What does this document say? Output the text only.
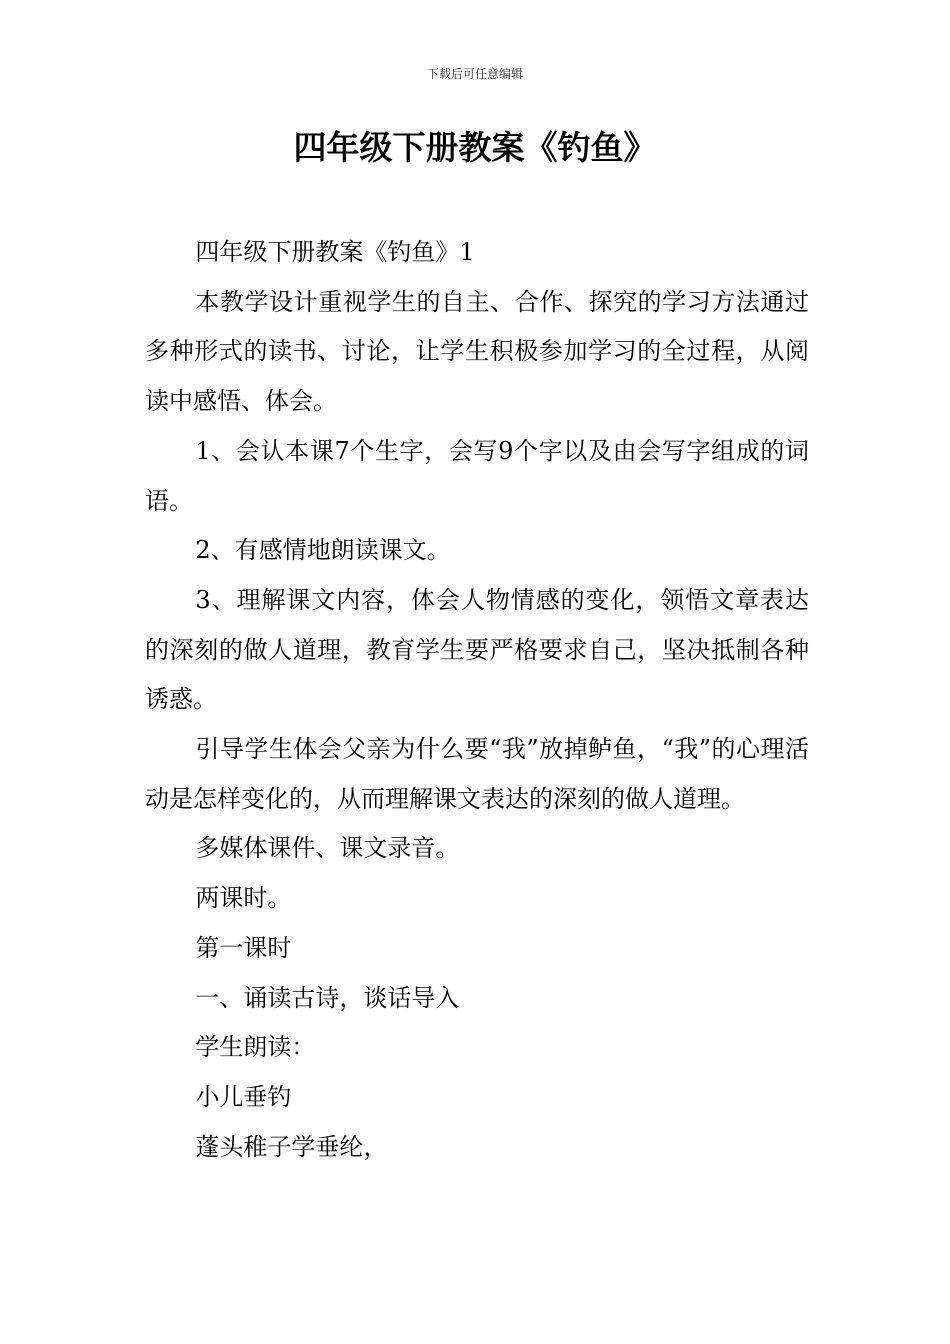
下载后可任意编辑
四年级下册教案《钓鱼》

四年级下册教案《钓鱼》1

本教学设计重视学生的自主、合作、探究的学习方法通过多种形式的读书、讨论，让学生积极参加学习的全过程，从阅读中感悟、体会。

1、会认本课7个生字，会写9个字以及由会写字组成的词语。

2、有感情地朗读课文。

3、理解课文内容，体会人物情感的变化，领悟文章表达的深刻的做人道理，教育学生要严格要求自己，坚决抵制各种诱惑。

引导学生体会父亲为什么要“我”放掉鲈鱼，“我”的心理活动是怎样变化的，从而理解课文表达的深刻的做人道理。

多媒体课件、课文录音。

两课时。

第一课时

一、诵读古诗，谈话导入

学生朗读：

小儿垂钓

蓬头稚子学垂纶，
